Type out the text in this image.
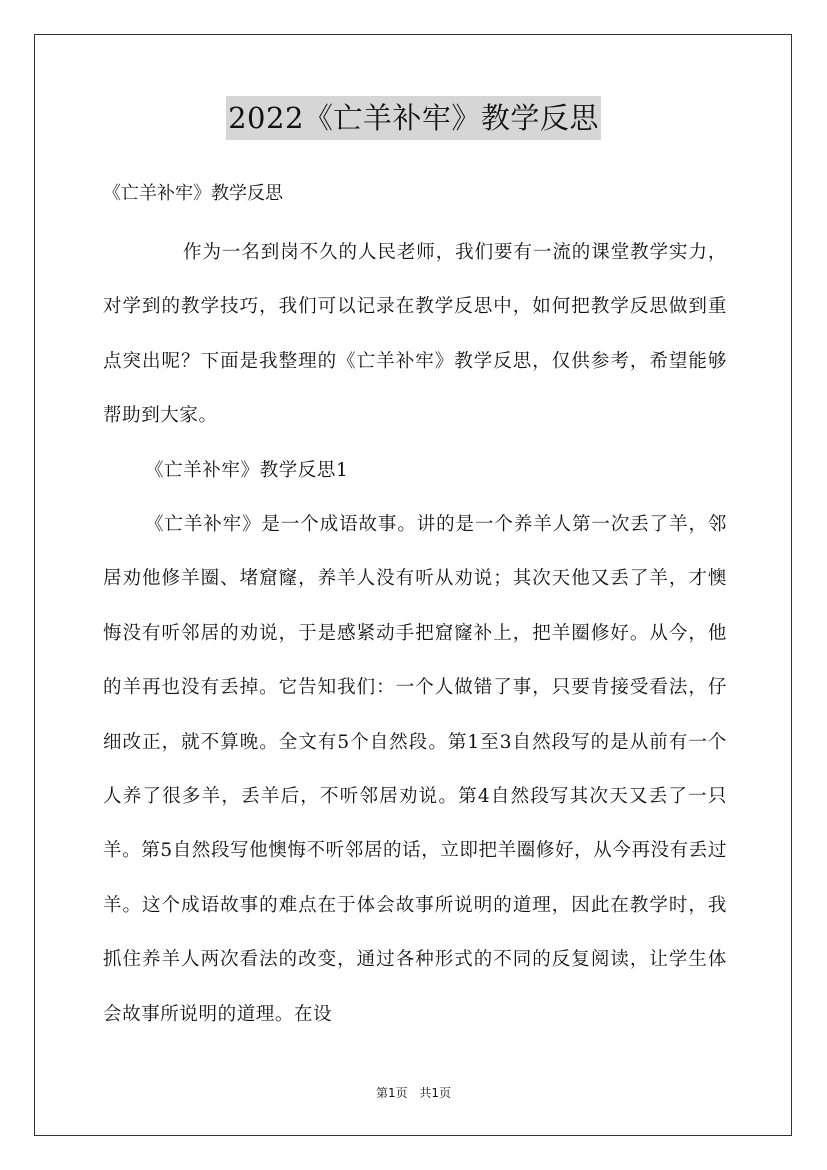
2022《亡羊补牢》教学反思
《亡羊补牢》教学反思

作为一名到岗不久的人民老师，我们要有一流的课堂教学实力，对学到的教学技巧，我们可以记录在教学反思中，如何把教学反思做到重点突出呢？下面是我整理的《亡羊补牢》教学反思，仅供参考，希望能够帮助到大家。

《亡羊补牢》教学反思1

《亡羊补牢》是一个成语故事。讲的是一个养羊人第一次丢了羊，邻居劝他修羊圈、堵窟窿，养羊人没有听从劝说；其次天他又丢了羊，才懊悔没有听邻居的劝说，于是感紧动手把窟窿补上，把羊圈修好。从今，他的羊再也没有丢掉。它告知我们：一个人做错了事，只要肯接受看法，仔细改正，就不算晚。全文有5个自然段。第1至3自然段写的是从前有一个人养了很多羊，丢羊后，不听邻居劝说。第4自然段写其次天又丢了一只羊。第5自然段写他懊悔不听邻居的话，立即把羊圈修好，从今再没有丢过羊。这个成语故事的难点在于体会故事所说明的道理，因此在教学时，我抓住养羊人两次看法的改变，通过各种形式的不同的反复阅读，让学生体会故事所说明的道理。在设

第1页 共1页
